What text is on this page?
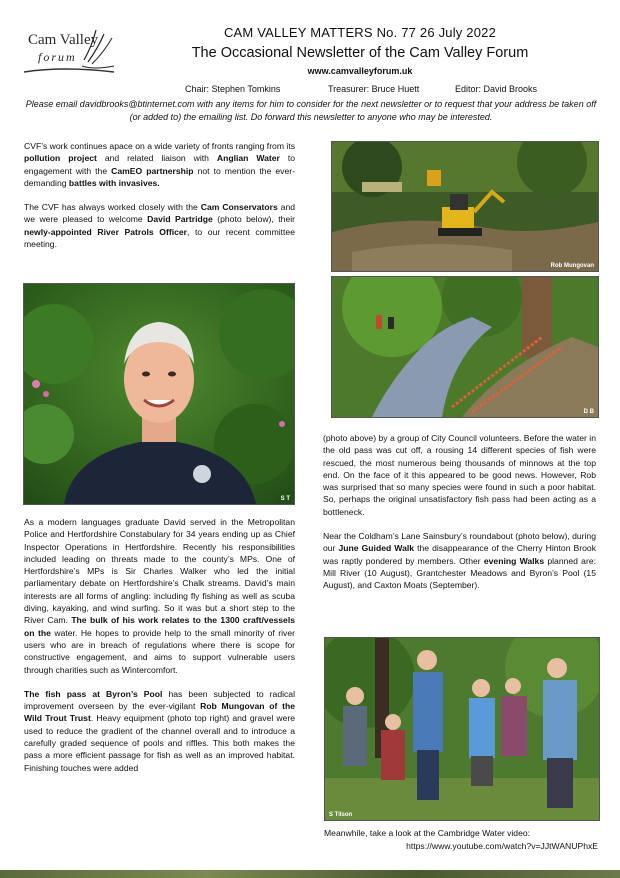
Cam Valley
forum
CAM VALLEY MATTERS No. 77 26 July 2022
The Occasional Newsletter of the Cam Valley Forum
www.camvalleyforum.uk
Chair: Stephen Tomkins	Treasurer: Bruce Huett	Editor: David Brooks
Please email davidbrooks@btinternet.com with any items for him to consider for the next newsletter or to request that your address be taken off (or added to) the emailing list. Do forward this newsletter to anyone who may be interested.

CVF’s work continues apace on a wide variety of fronts ranging from its pollution project and related liaison with Anglian Water to engagement with the CamEO partnership not to mention the ever-demanding battles with invasives.

The CVF has always worked closely with the Cam Conservators and we were pleased to welcome David Partridge (photo below), their newly-appointed River Patrols Officer, to our recent committee meeting.

S T

As a modern languages graduate David served in the Metropolitan Police and Hertfordshire Constabulary for 34 years ending up as Chief Inspector Operations in Hertfordshire. Recently his responsibilities included leading on threats made to the county’s MPs. One of Hertfordshire’s MPs is Sir Charles Walker who led the initial parliamentary debate on Hertfordshire’s Chalk streams. David’s main interests are all forms of angling: including fly fishing as well as scuba diving, kayaking, and wind surfing. So it was but a short step to the River Cam. The bulk of his work relates to the 1300 craft/vessels on the water. He hopes to provide help to the small minority of river users who are in breach of regulations where there is scope for constructive engagement, and aims to support vulnerable users through charities such as Wintercomfort.

The fish pass at Byron’s Pool has been subjected to radical improvement overseen by the ever-vigilant Rob Mungovan of the Wild Trout Trust. Heavy equipment (photo top right) and gravel were used to reduce the gradient of the channel overall and to introduce a carefully graded sequence of pools and riffles. This both makes the pass a more efficient passage for fish as well as an improved habitat. Finishing touches were added

Rob Mungovan
D B

(photo above) by a group of City Council volunteers. Before the water in the old pass was cut off, a rousing 14 different species of fish were rescued, the most numerous being thousands of minnows at the top end. On the face of it this appeared to be good news. However, Rob was surprised that so many species were found in such a poor habitat. So, perhaps the original unsatisfactory fish pass had been acting as a bottleneck.

Near the Coldham’s Lane Sainsbury’s roundabout (photo below), during our June Guided Walk the disappearance of the Cherry Hinton Brook was raptly pondered by members. Other evening Walks planned are: Mill River (10 August), Grantchester Meadows and Byron’s Pool (15 August), and Caxton Moats (September).

S Tilson
Meanwhile, take a look at the Cambridge Water video:
https://www.youtube.com/watch?v=JJtWANUPhxE
